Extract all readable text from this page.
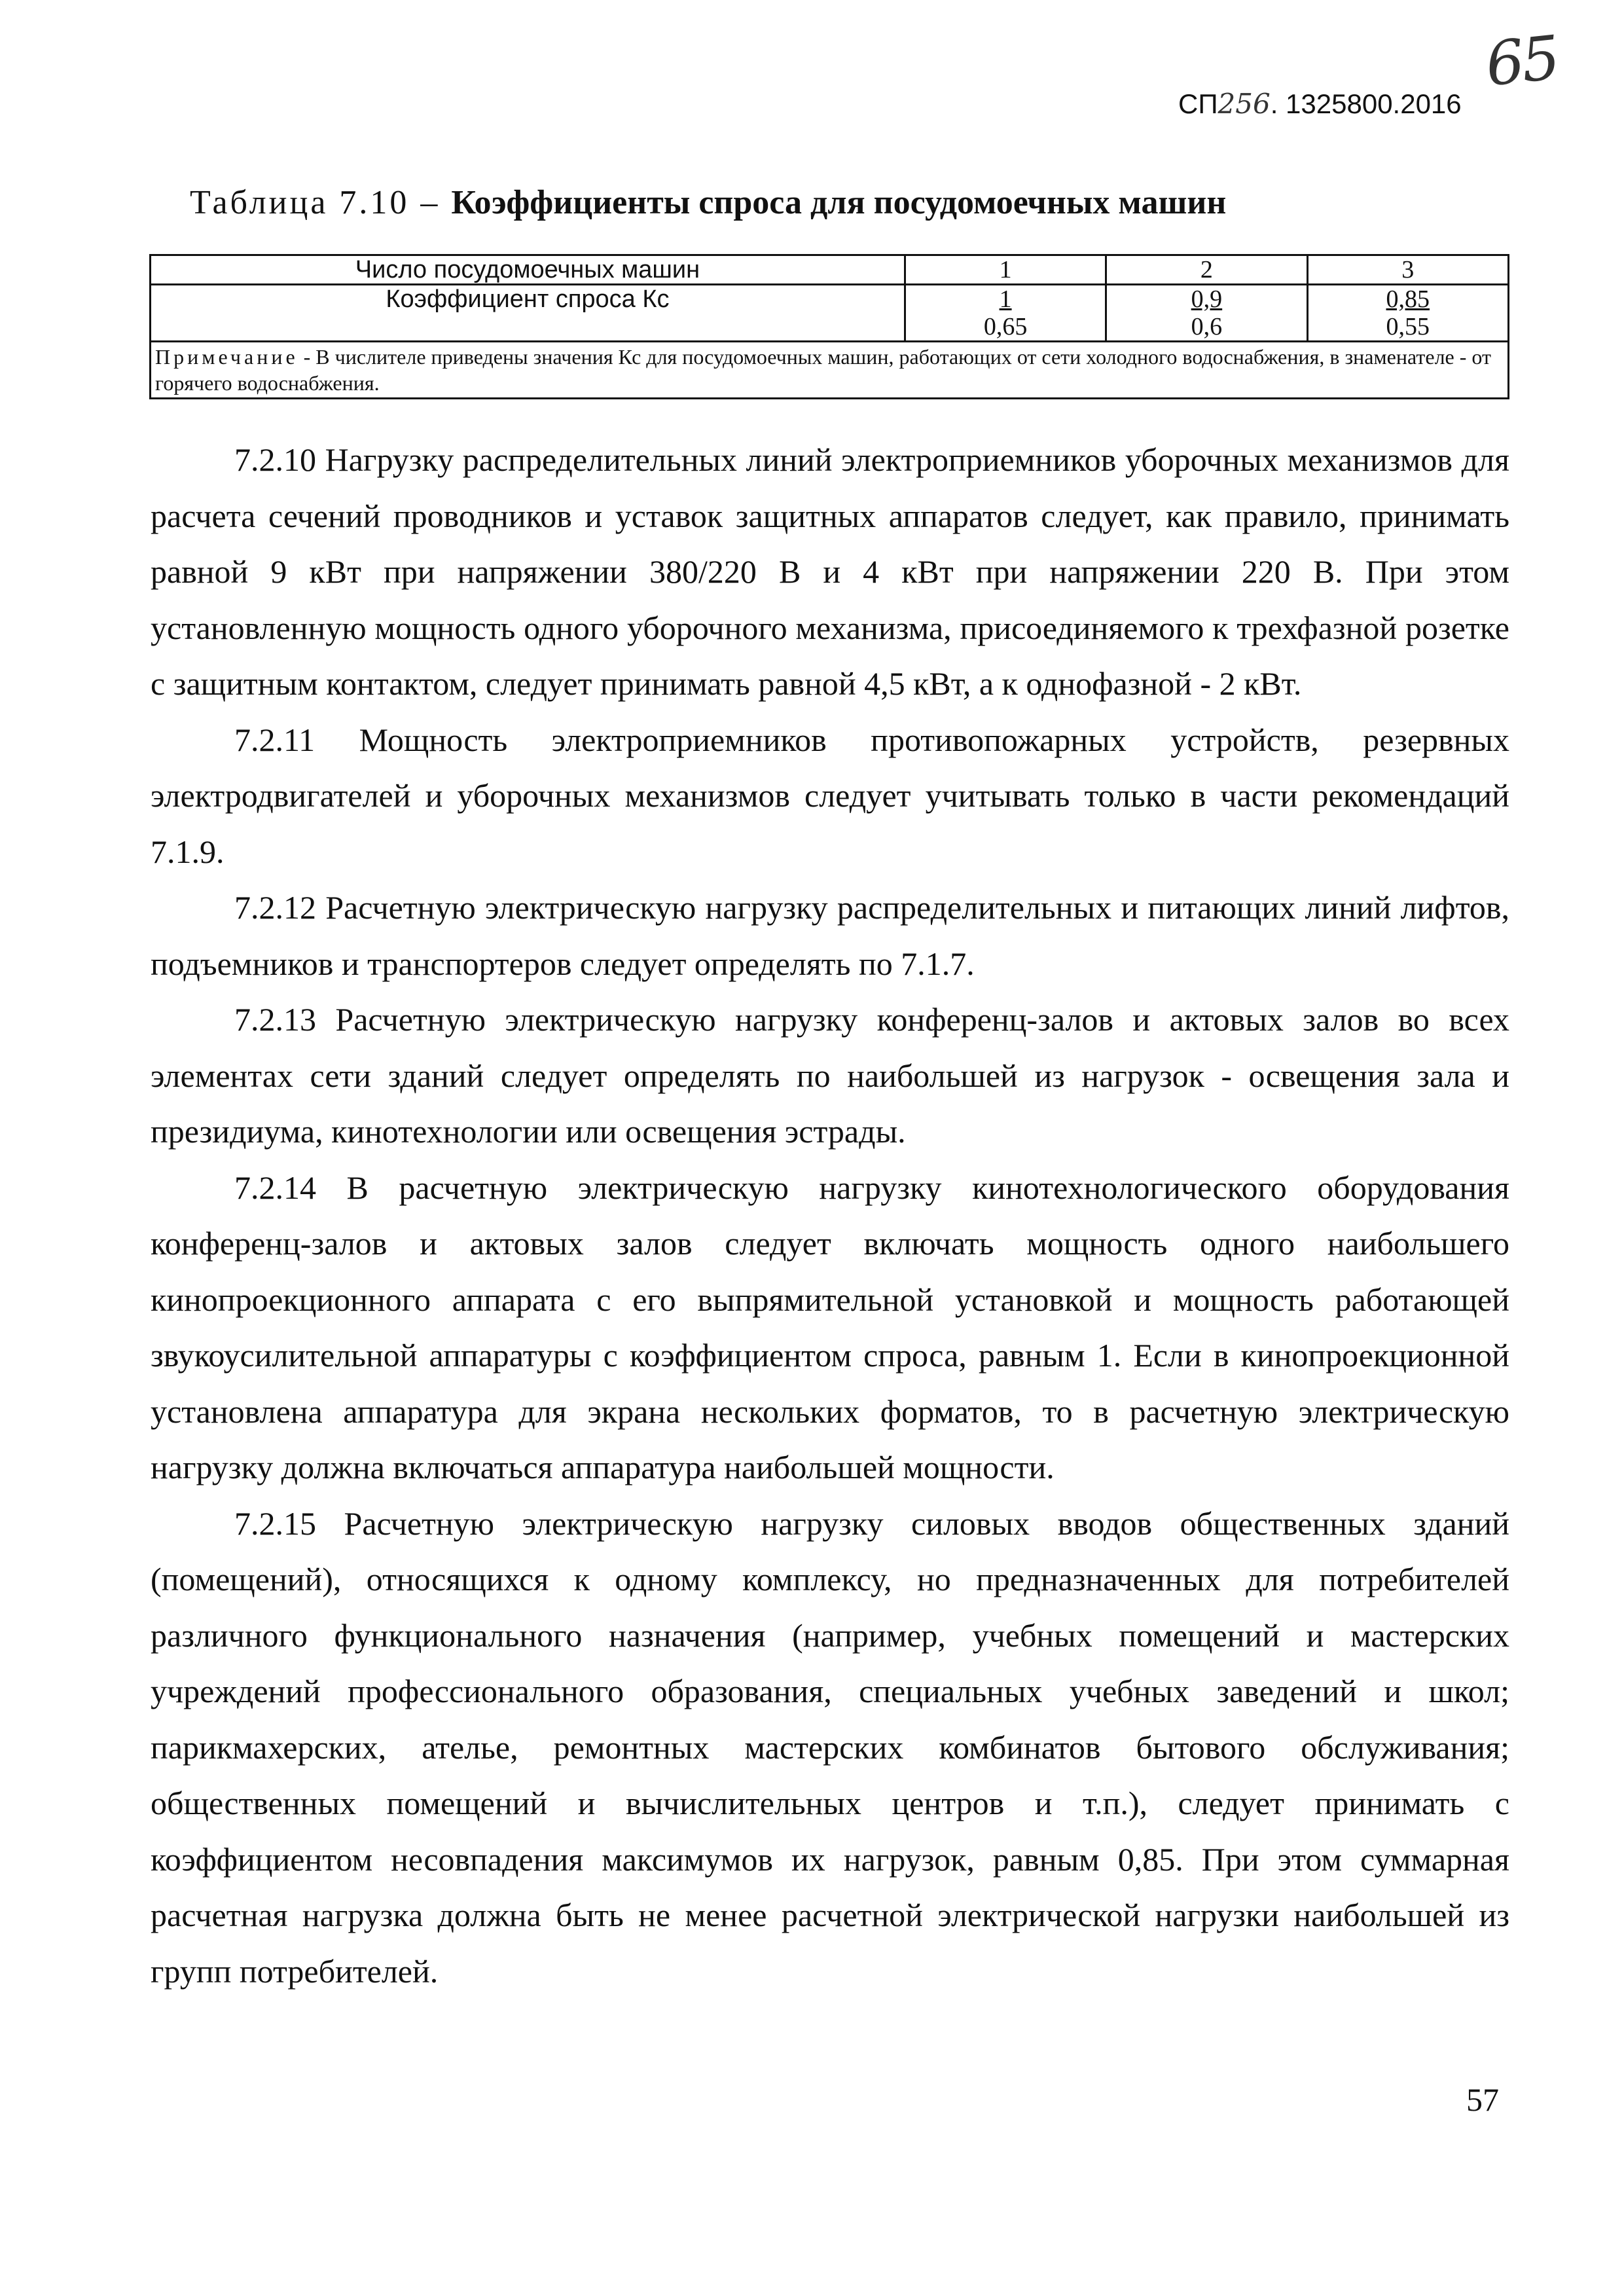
65
СП256. 1325800.2016
Таблица 7.10 – Коэффициенты спроса для посудомоечных машин
Число посудомоечных машин	1	2	3
Коэффициент спроса Кс	$\frac{1}{0,65}$	$\frac{0,9}{0,6}$	$\frac{0,85}{0,55}$

Примечание - В числителе приведены значения Кс для посудомоечных машин, работающих от сети холодного водоснабжения, в знаменателе - от горячего водоснабжения.			

7.2.10 Нагрузку распределительных линий электроприемников уборочных механизмов для расчета сечений проводников и уставок защитных аппаратов следует, как правило, принимать равной 9 кВт при напряжении 380/220 В и 4 кВт при напряжении 220 В. При этом установленную мощность одного уборочного механизма, присоединяемого к трехфазной розетке с защитным контактом, следует принимать равной 4,5 кВт, а к однофазной - 2 кВт.

7.2.11 Мощность электроприемников противопожарных устройств, резервных электродвигателей и уборочных механизмов следует учитывать только в части рекомендаций 7.1.9.

7.2.12 Расчетную электрическую нагрузку распределительных и питающих линий лифтов, подъемников и транспортеров следует определять по 7.1.7.

7.2.13 Расчетную электрическую нагрузку конференц-залов и актовых залов во всех элементах сети зданий следует определять по наибольшей из нагрузок - освещения зала и президиума, кинотехнологии или освещения эстрады.

7.2.14 В расчетную электрическую нагрузку кинотехнологического оборудования конференц-залов и актовых залов следует включать мощность одного наибольшего кинопроекционного аппарата с его выпрямительной установкой и мощность работающей звукоусилительной аппаратуры с коэффициентом спроса, равным 1. Если в кинопроекционной установлена аппаратура для экрана нескольких форматов, то в расчетную электрическую нагрузку должна включаться аппаратура наибольшей мощности.

7.2.15 Расчетную электрическую нагрузку силовых вводов общественных зданий (помещений), относящихся к одному комплексу, но предназначенных для потребителей различного функционального назначения (например, учебных помещений и мастерских учреждений профессионального образования, специальных учебных заведений и школ; парикмахерских, ателье, ремонтных мастерских комбинатов бытового обслуживания; общественных помещений и вычислительных центров и т.п.), следует принимать с коэффициентом несовпадения максимумов их нагрузок, равным 0,85. При этом суммарная расчетная нагрузка должна быть не менее расчетной электрической нагрузки наибольшей из групп потребителей.

57
